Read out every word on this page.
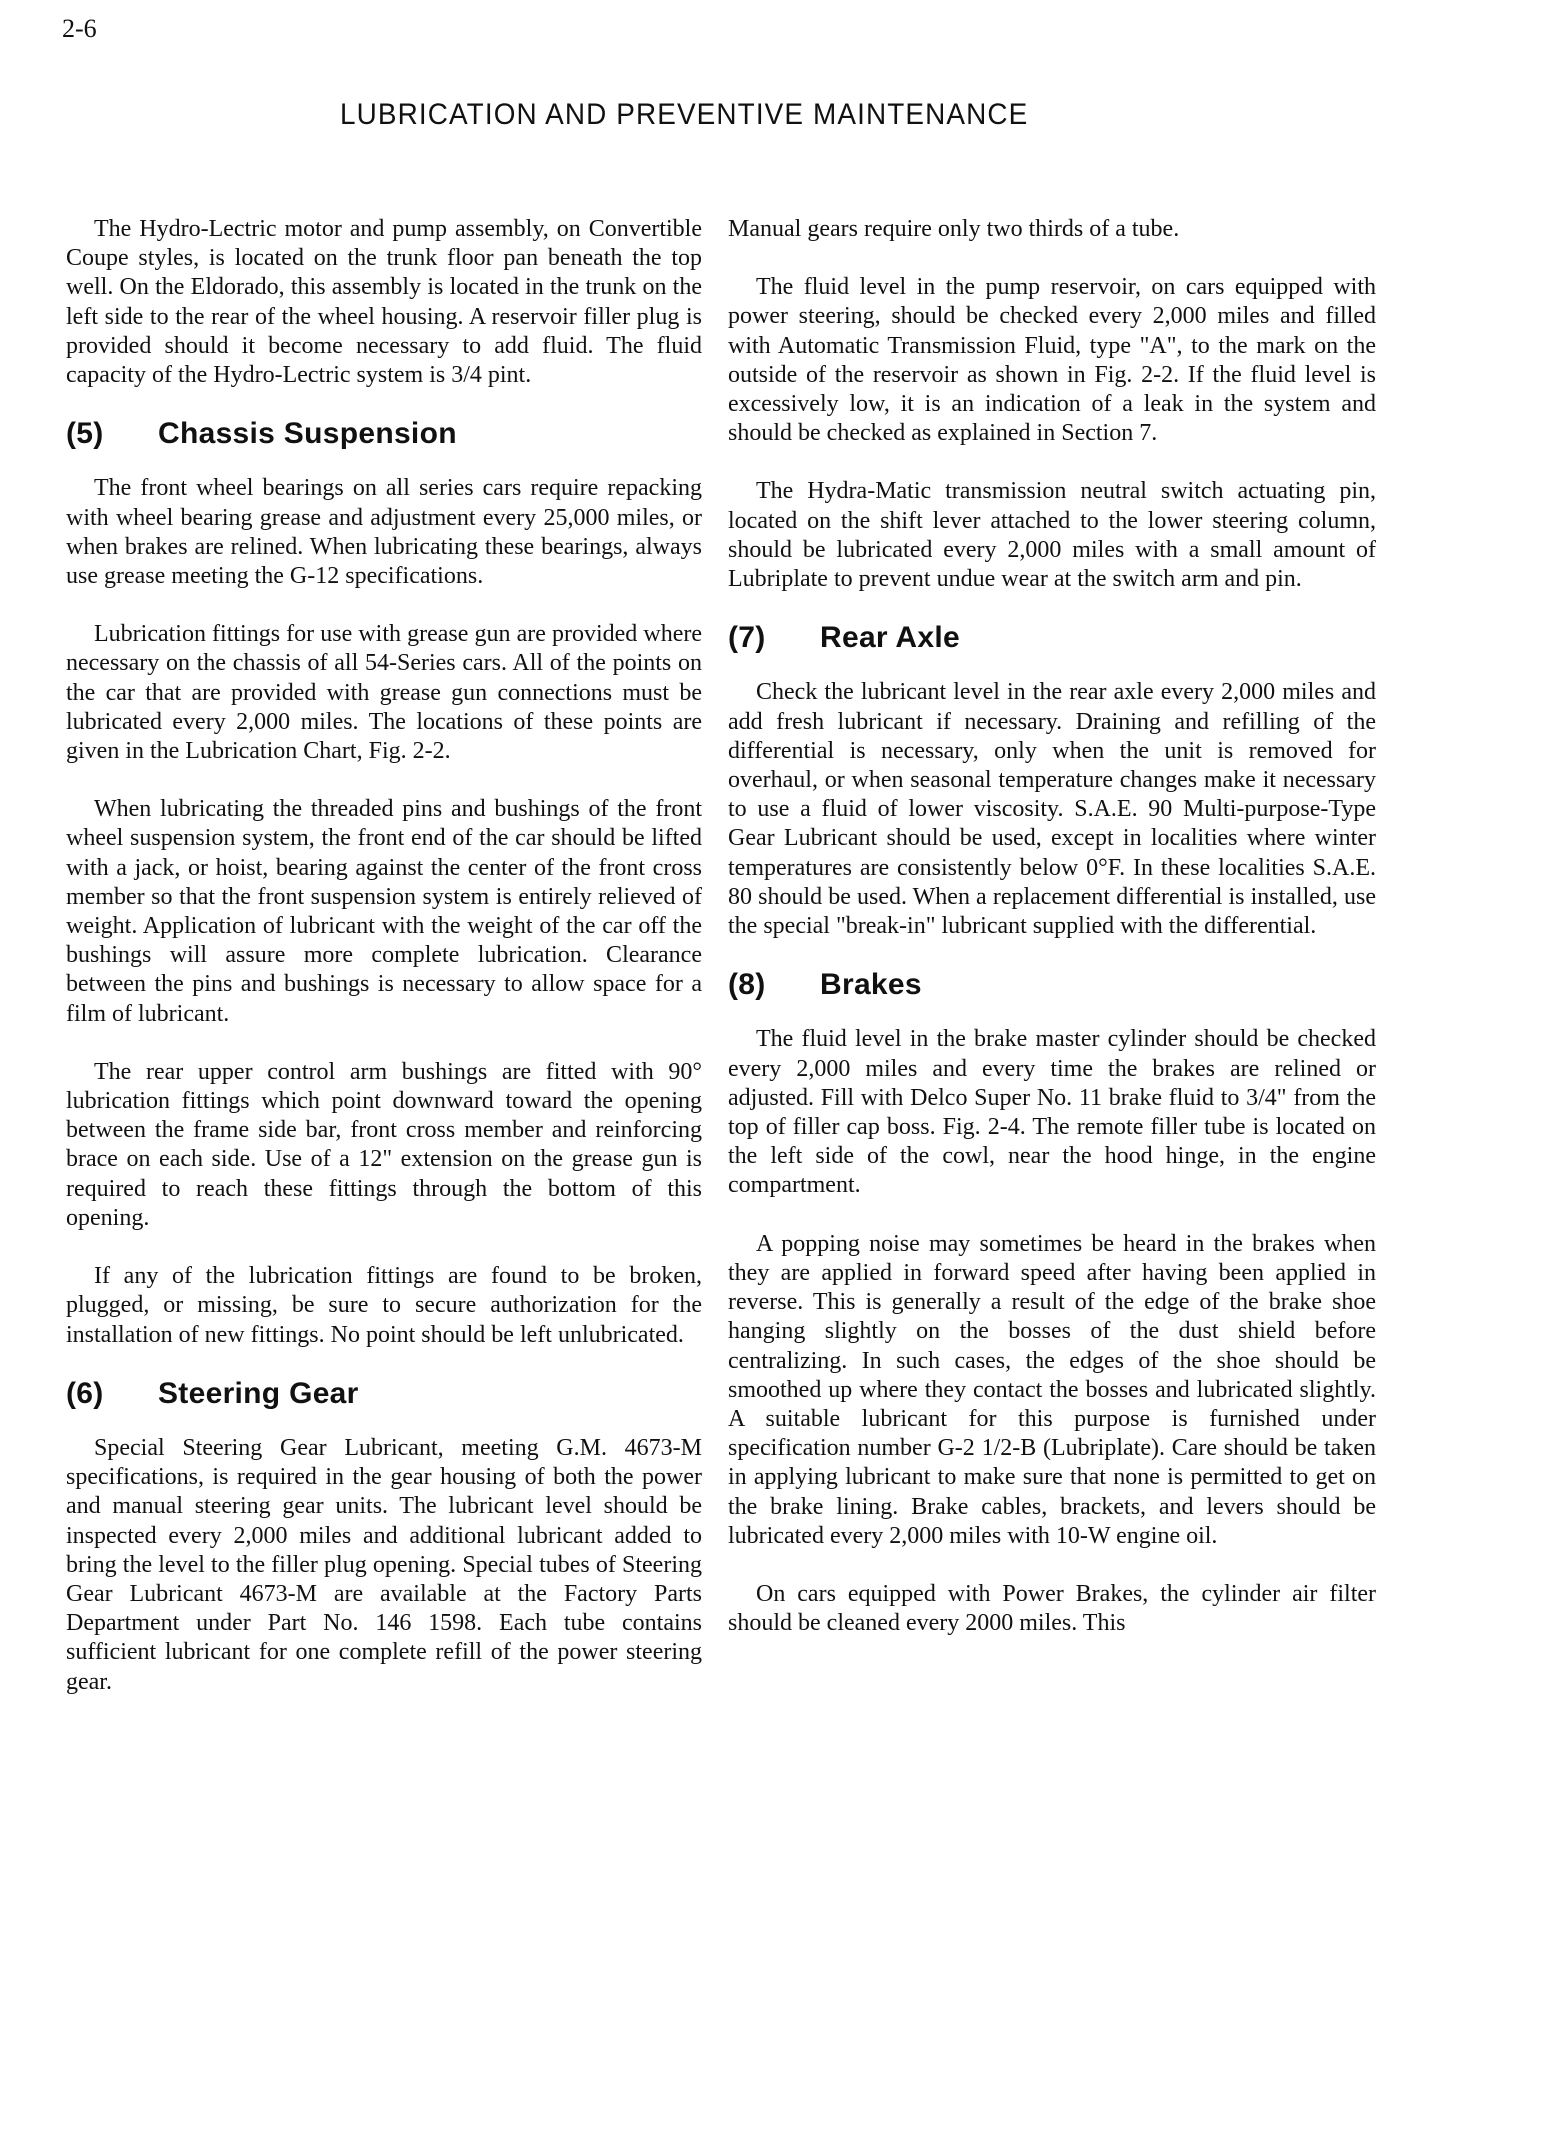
2-6
LUBRICATION AND PREVENTIVE MAINTENANCE

The Hydro-Lectric motor and pump assembly, on Convertible Coupe styles, is located on the trunk floor pan beneath the top well. On the Eldorado, this assembly is located in the trunk on the left side to the rear of the wheel housing. A reservoir filler plug is provided should it become necessary to add fluid. The fluid capacity of the Hydro-Lectric system is 3/4 pint.

(5)	Chassis Suspension

The front wheel bearings on all series cars require repacking with wheel bearing grease and adjustment every 25,000 miles, or when brakes are relined. When lubricating these bearings, always use grease meeting the G-12 specifications.

Lubrication fittings for use with grease gun are provided where necessary on the chassis of all 54-Series cars. All of the points on the car that are provided with grease gun connections must be lubricated every 2,000 miles. The locations of these points are given in the Lubrication Chart, Fig. 2-2.

When lubricating the threaded pins and bushings of the front wheel suspension system, the front end of the car should be lifted with a jack, or hoist, bearing against the center of the front cross member so that the front suspension system is entirely relieved of weight. Application of lubricant with the weight of the car off the bushings will assure more complete lubrication. Clearance between the pins and bushings is necessary to allow space for a film of lubricant.

The rear upper control arm bushings are fitted with 90° lubrication fittings which point downward toward the opening between the frame side bar, front cross member and reinforcing brace on each side. Use of a 12" extension on the grease gun is required to reach these fittings through the bottom of this opening.

If any of the lubrication fittings are found to be broken, plugged, or missing, be sure to secure authorization for the installation of new fittings. No point should be left unlubricated.

(6)	Steering Gear

Special Steering Gear Lubricant, meeting G.M. 4673-M specifications, is required in the gear housing of both the power and manual steering gear units. The lubricant level should be inspected every 2,000 miles and additional lubricant added to bring the level to the filler plug opening. Special tubes of Steering Gear Lubricant 4673-M are available at the Factory Parts Department under Part No. 146 1598. Each tube contains sufficient lubricant for one complete refill of the power steering gear.

Manual gears require only two thirds of a tube.

The fluid level in the pump reservoir, on cars equipped with power steering, should be checked every 2,000 miles and filled with Automatic Transmission Fluid, type "A", to the mark on the outside of the reservoir as shown in Fig. 2-2. If the fluid level is excessively low, it is an indication of a leak in the system and should be checked as explained in Section 7.

The Hydra-Matic transmission neutral switch actuating pin, located on the shift lever attached to the lower steering column, should be lubricated every 2,000 miles with a small amount of Lubriplate to prevent undue wear at the switch arm and pin.

(7)	Rear Axle

Check the lubricant level in the rear axle every 2,000 miles and add fresh lubricant if necessary. Draining and refilling of the differential is necessary, only when the unit is removed for overhaul, or when seasonal temperature changes make it necessary to use a fluid of lower viscosity. S.A.E. 90 Multi-purpose-Type Gear Lubricant should be used, except in localities where winter temperatures are consistently below 0°F. In these localities S.A.E. 80 should be used. When a replacement differential is installed, use the special "break-in" lubricant supplied with the differential.

(8)	Brakes

The fluid level in the brake master cylinder should be checked every 2,000 miles and every time the brakes are relined or adjusted. Fill with Delco Super No. 11 brake fluid to 3/4" from the top of filler cap boss. Fig. 2-4. The remote filler tube is located on the left side of the cowl, near the hood hinge, in the engine compartment.

A popping noise may sometimes be heard in the brakes when they are applied in forward speed after having been applied in reverse. This is generally a result of the edge of the brake shoe hanging slightly on the bosses of the dust shield before centralizing. In such cases, the edges of the shoe should be smoothed up where they contact the bosses and lubricated slightly. A suitable lubricant for this purpose is furnished under specification number G-2 1/2-B (Lubriplate). Care should be taken in applying lubricant to make sure that none is permitted to get on the brake lining. Brake cables, brackets, and levers should be lubricated every 2,000 miles with 10-W engine oil.

On cars equipped with Power Brakes, the cylinder air filter should be cleaned every 2000 miles. This
